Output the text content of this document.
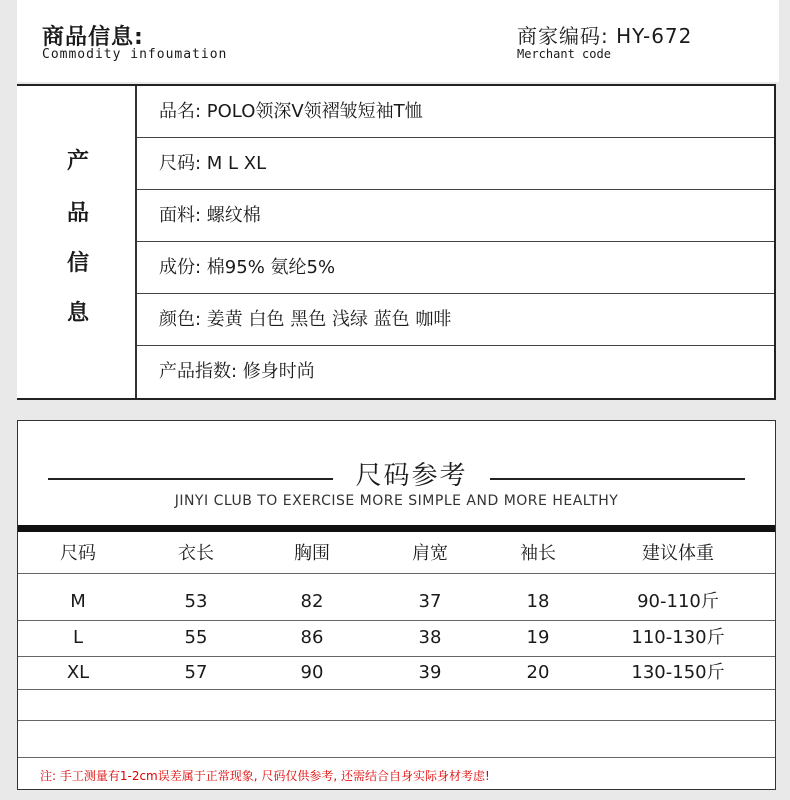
商品信息:
Commodity infoumation
商家编码: HY-672
Merchant code
产
品
信
息
品名: POLO领深V领褶皱短袖T恤
尺码: M L XL
面料: 螺纹棉
成份: 棉95% 氨纶5%
颜色: 姜黄 白色 黑色 浅绿 蓝色 咖啡
产品指数: 修身时尚
尺码参考
JINYI CLUB TO EXERCISE MORE SIMPLE AND MORE HEALTHY
尺码	衣长	胸围	肩宽	袖长	建议体重
M	53	82	37	18	90-110斤
L	55	86	38	19	110-130斤
XL	57	90	39	20	130-150斤
注: 手工测量有1-2cm误差属于正常现象, 尺码仅供参考, 还需结合自身实际身材考虑!
